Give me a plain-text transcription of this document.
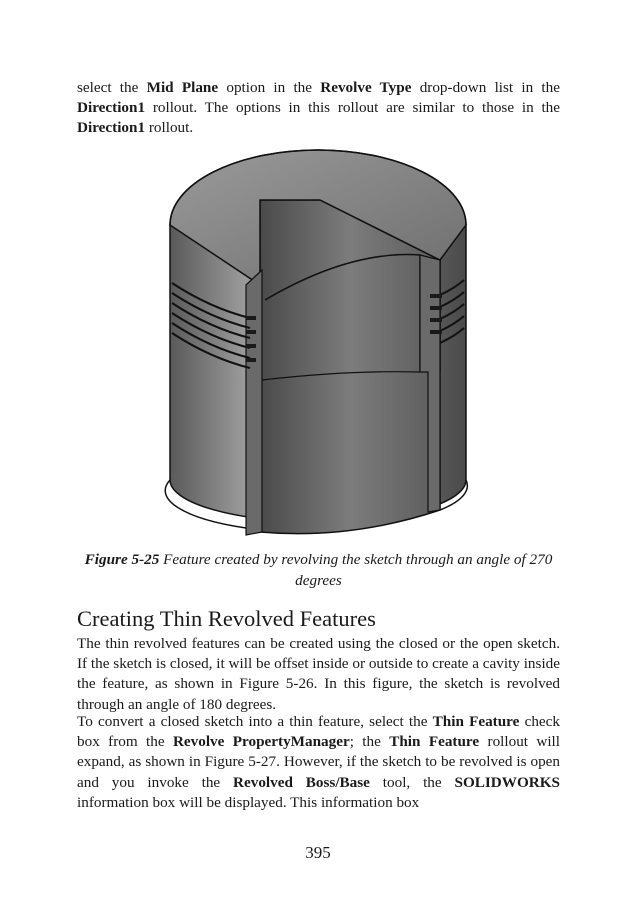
select the Mid Plane option in the Revolve Type drop-down list in the Direction1 rollout. The options in this rollout are similar to those in the Direction1 rollout.

Figure 5-25 Feature created by revolving the sketch through an angle of 270 degrees

Creating Thin Revolved Features

The thin revolved features can be created using the closed or the open sketch. If the sketch is closed, it will be offset inside or outside to create a cavity inside the feature, as shown in Figure 5-26. In this figure, the sketch is revolved through an angle of 180 degrees.

To convert a closed sketch into a thin feature, select the Thin Feature check box from the Revolve PropertyManager; the Thin Feature rollout will expand, as shown in Figure 5-27. However, if the sketch to be revolved is open and you invoke the Revolved Boss/Base tool, the SOLIDWORKS information box will be displayed. This information box

395
